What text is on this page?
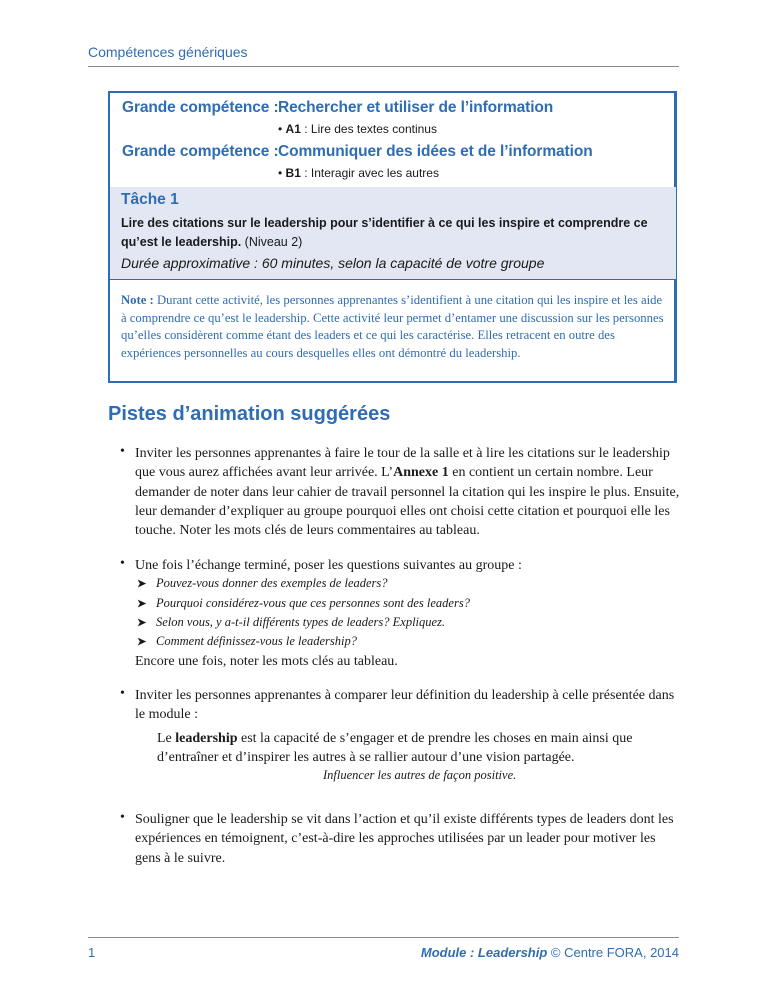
Compétences génériques
Grande compétence :Rechercher et utiliser de l’information
• A1 : Lire des textes continus
Grande compétence :Communiquer des idées et de l’information
• B1 : Interagir avec les autres
Tâche 1
Lire des citations sur le leadership pour s’identifier à ce qui les inspire et comprendre ce qu’est le leadership. (Niveau 2)
Durée approximative : 60 minutes, selon la capacité de votre groupe
Note : Durant cette activité, les personnes apprenantes s’identifient à une citation qui les inspire et les aide à comprendre ce qu’est le leadership. Cette activité leur permet d’entamer une discussion sur les personnes qu’elles considèrent comme étant des leaders et ce qui les caractérise. Elles retracent en outre des expériences personnelles au cours desquelles elles ont démontré du leadership.
Pistes d’animation suggérées
• Inviter les personnes apprenantes à faire le tour de la salle et à lire les citations sur le leadership que vous aurez affichées avant leur arrivée. L’Annexe 1 en contient un certain nombre. Leur demander de noter dans leur cahier de travail personnel la citation qui les inspire le plus. Ensuite, leur demander d’expliquer au groupe pourquoi elles ont choisi cette citation et pourquoi elle les touche. Noter les mots clés de leurs commentaires au tableau.
• Une fois l’échange terminé, poser les questions suivantes au groupe :
➤ Pouvez-vous donner des exemples de leaders?
➤ Pourquoi considérez-vous que ces personnes sont des leaders?
➤ Selon vous, y a-t-il différents types de leaders? Expliquez.
➤ Comment définissez-vous le leadership?
Encore une fois, noter les mots clés au tableau.
• Inviter les personnes apprenantes à comparer leur définition du leadership à celle présentée dans le module :
Le leadership est la capacité de s’engager et de prendre les choses en main ainsi que d’entraîner et d’inspirer les autres à se rallier autour d’une vision partagée.
Influencer les autres de façon positive.
• Souligner que le leadership se vit dans l’action et qu’il existe différents types de leaders dont les expériences en témoignent, c’est-à-dire les approches utilisées par un leader pour motiver les gens à le suivre.
1	Module : Leadership © Centre FORA, 2014
